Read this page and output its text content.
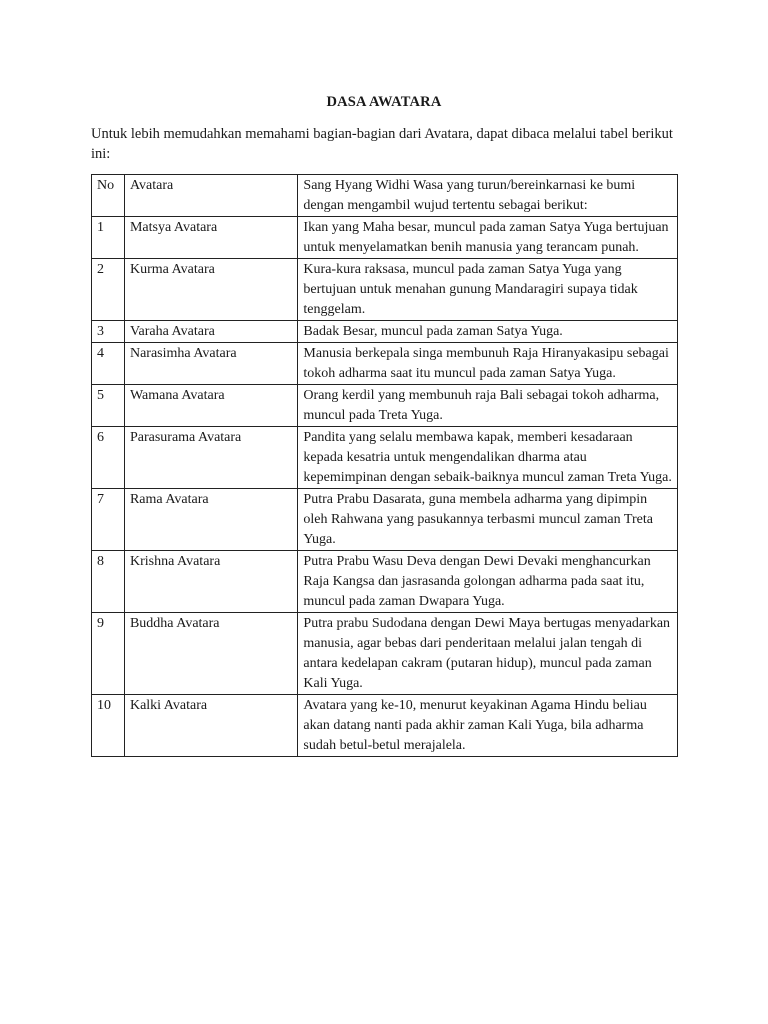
DASA AWATARA
Untuk lebih memudahkan memahami bagian-bagian dari Avatara, dapat dibaca melalui tabel berikut ini:
No	Avatara	Sang Hyang Widhi Wasa yang turun/bereinkarnasi ke bumi dengan mengambil wujud tertentu sebagai berikut:
1	Matsya Avatara	Ikan yang Maha besar, muncul pada zaman Satya Yuga bertujuan untuk menyelamatkan benih manusia yang terancam punah.
2	Kurma Avatara	Kura-kura raksasa, muncul pada zaman Satya Yuga yang bertujuan untuk menahan gunung Mandaragiri supaya tidak tenggelam.
3	Varaha Avatara	Badak Besar, muncul pada zaman Satya Yuga.
4	Narasimha Avatara	Manusia berkepala singa membunuh Raja Hiranyakasipu sebagai tokoh adharma saat itu muncul pada zaman Satya Yuga.
5	Wamana Avatara	Orang kerdil yang membunuh raja Bali sebagai tokoh adharma, muncul pada Treta Yuga.
6	Parasurama Avatara	Pandita yang selalu membawa kapak, memberi kesadaraan kepada kesatria untuk mengendalikan dharma atau kepemimpinan dengan sebaik-baiknya muncul zaman Treta Yuga.
7	Rama Avatara	Putra Prabu Dasarata, guna membela adharma yang dipimpin oleh Rahwana yang pasukannya terbasmi muncul zaman Treta Yuga.
8	Krishna Avatara	Putra Prabu Wasu Deva dengan Dewi Devaki menghancurkan Raja Kangsa dan jasrasanda golongan adharma pada saat itu, muncul pada zaman Dwapara Yuga.
9	Buddha Avatara	Putra prabu Sudodana dengan Dewi Maya bertugas menyadarkan manusia, agar bebas dari penderitaan melalui jalan tengah di antara kedelapan cakram (putaran hidup), muncul pada zaman Kali Yuga.
10	Kalki Avatara	Avatara yang ke-10, menurut keyakinan Agama Hindu beliau akan datang nanti pada akhir zaman Kali Yuga, bila adharma sudah betul-betul merajalela.
